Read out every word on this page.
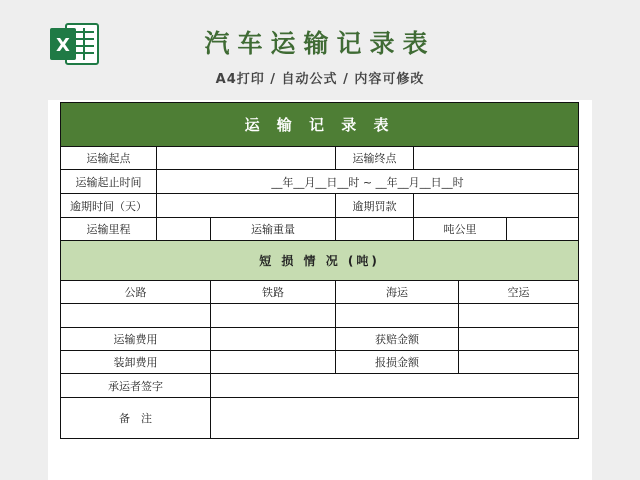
X	汽车运输记录表
A4打印 / 自动公式 / 内容可修改
运 输 记 录 表						
运输起点			运输终点			
运输起止时间	__年__月__日__时 ~ __年__月__日__时					
逾期时间（天）			逾期罚款			
运输里程		运输重量		吨公里		
短 损 情 况 (吨)						
公路		铁路	海运		空运	

运输费用			获赔金额			
装卸费用			报损金额			
承运者签字						
备　注						
